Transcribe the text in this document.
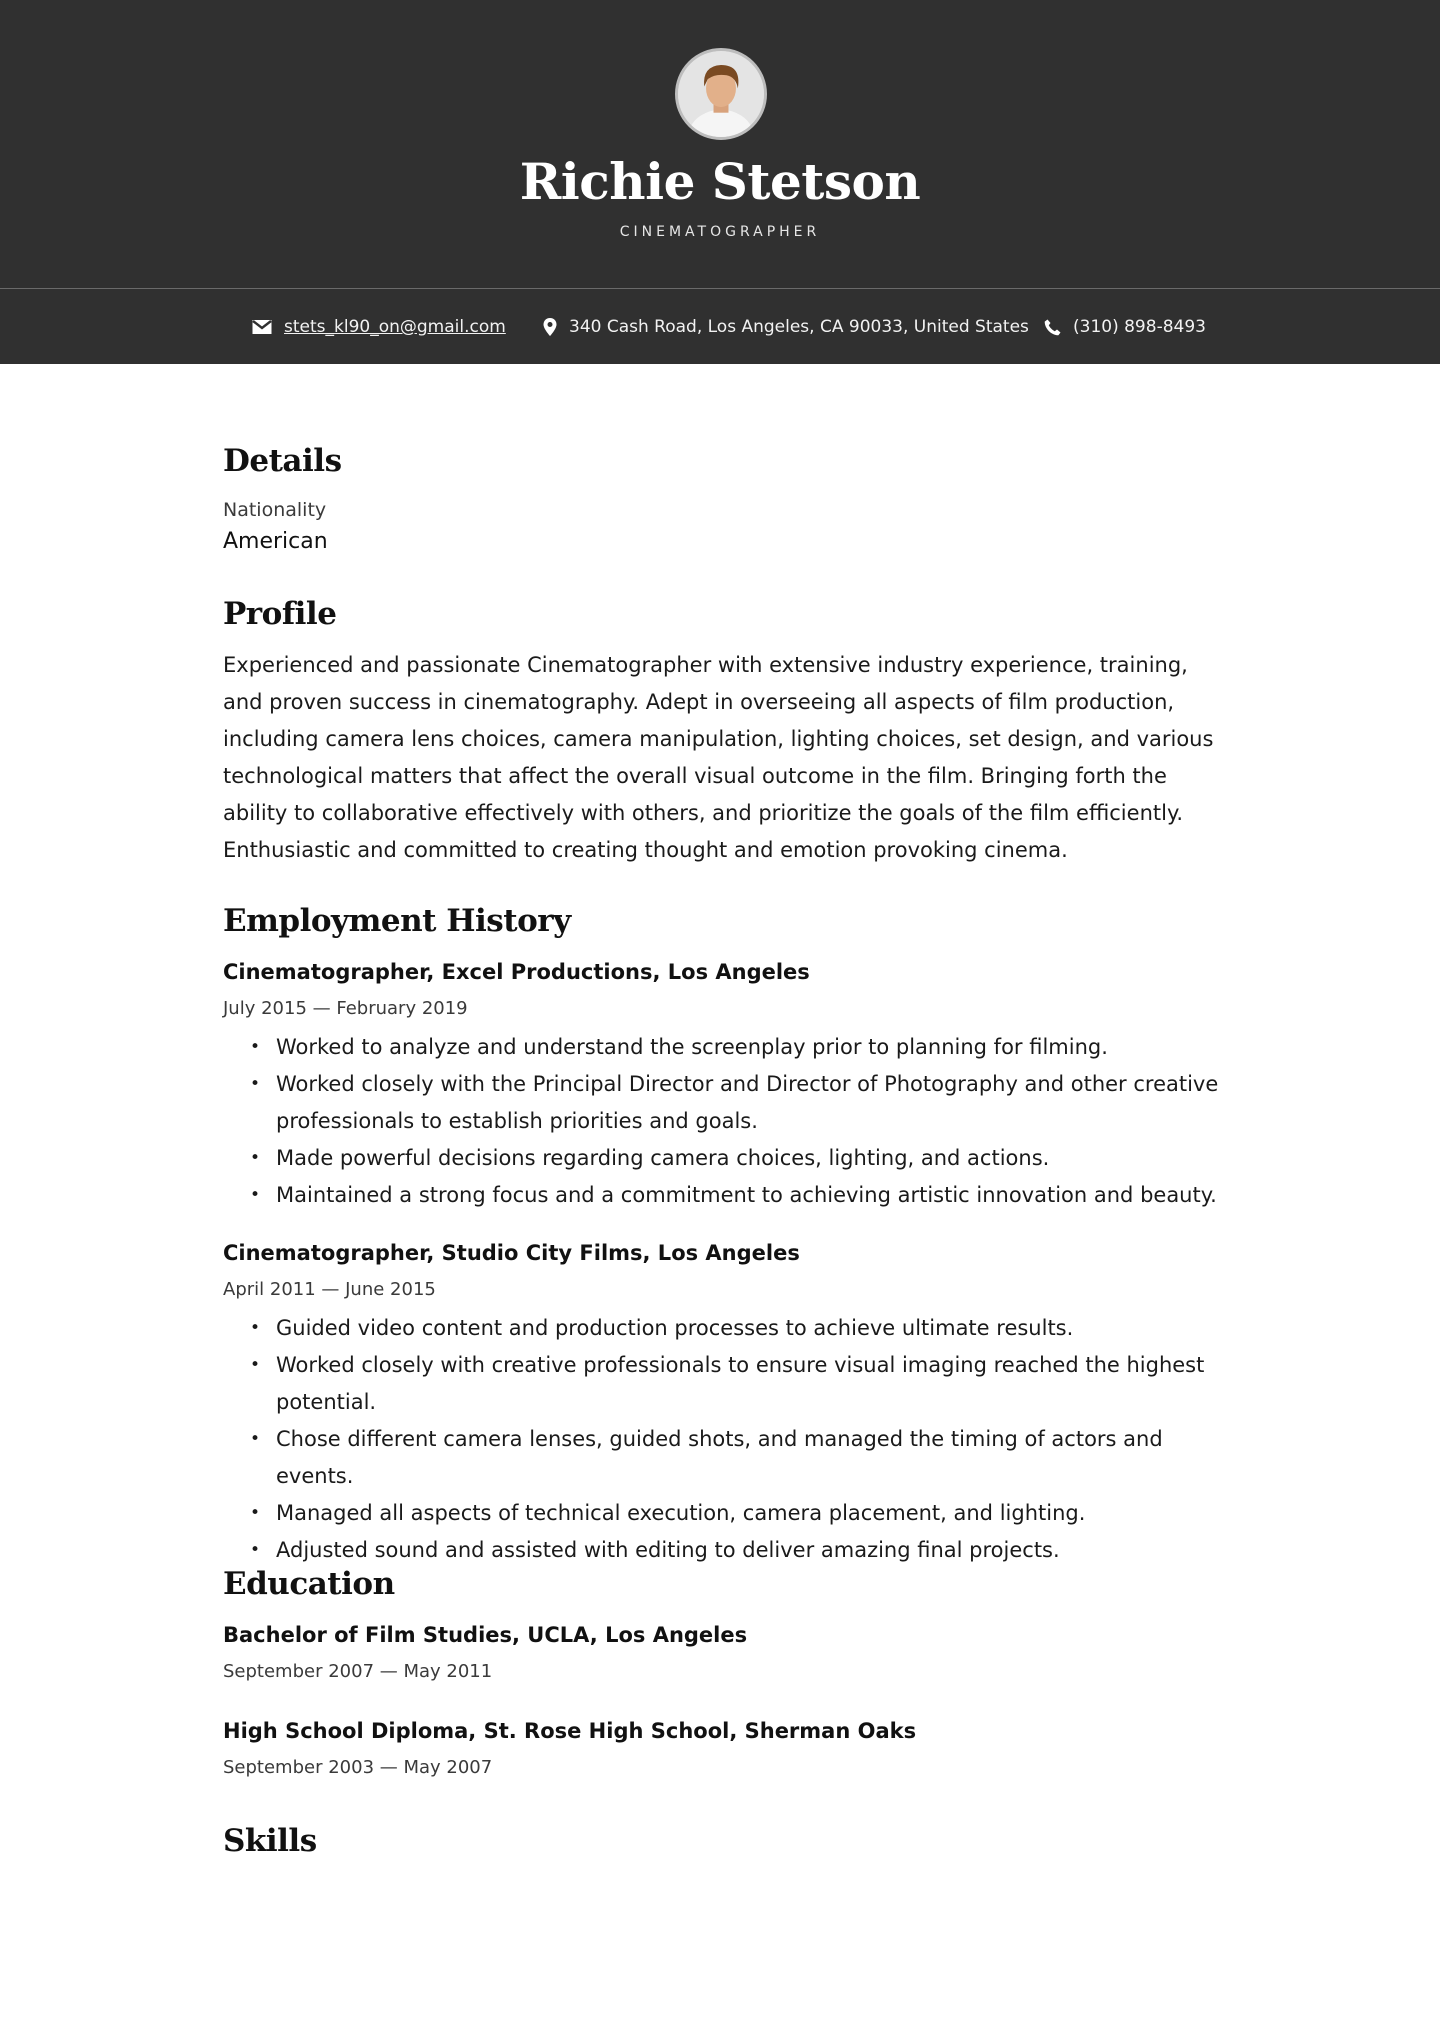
Richie Stetson
CINEMATOGRAPHER
stets_kl90_on@gmail.com	340 Cash Road, Los Angeles, CA 90033, United States	(310) 898-8493
Details
Nationality
American
Profile
Experienced and passionate Cinematographer with extensive industry experience, training, and proven success in cinematography. Adept in overseeing all aspects of film production, including camera lens choices, camera manipulation, lighting choices, set design, and various technological matters that affect the overall visual outcome in the film. Bringing forth the ability to collaborative effectively with others, and prioritize the goals of the film efficiently. Enthusiastic and committed to creating thought and emotion provoking cinema.
Employment History
Cinematographer, Excel Productions, Los Angeles
July 2015 — February 2019
• Worked to analyze and understand the screenplay prior to planning for filming.
• Worked closely with the Principal Director and Director of Photography and other creative professionals to establish priorities and goals.
• Made powerful decisions regarding camera choices, lighting, and actions.
• Maintained a strong focus and a commitment to achieving artistic innovation and beauty.
Cinematographer, Studio City Films, Los Angeles
April 2011 — June 2015
• Guided video content and production processes to achieve ultimate results.
• Worked closely with creative professionals to ensure visual imaging reached the highest potential.
• Chose different camera lenses, guided shots, and managed the timing of actors and events.
• Managed all aspects of technical execution, camera placement, and lighting.
• Adjusted sound and assisted with editing to deliver amazing final projects.
Education
Bachelor of Film Studies, UCLA, Los Angeles
September 2007 — May 2011
High School Diploma, St. Rose High School, Sherman Oaks
September 2003 — May 2007
Skills
